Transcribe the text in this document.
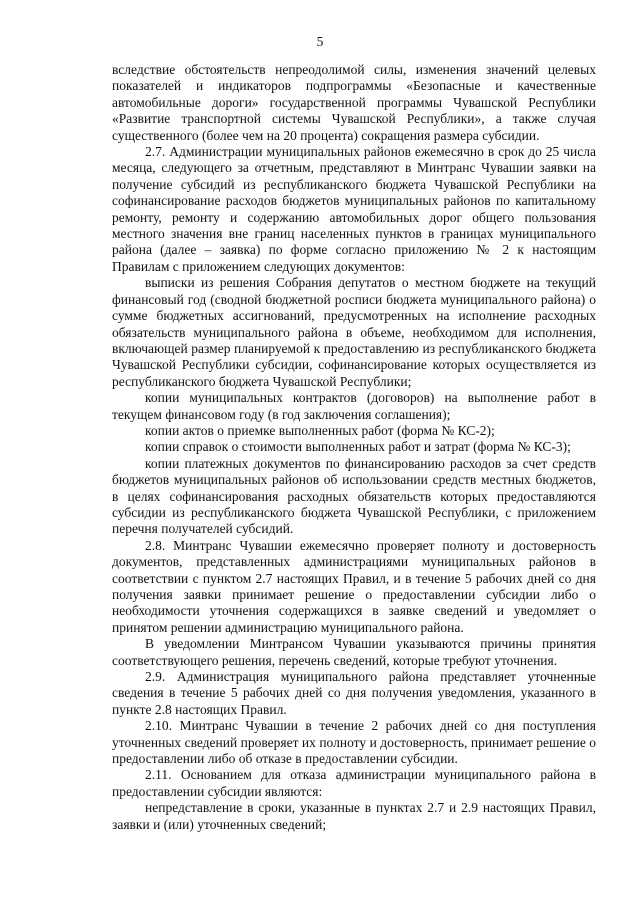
5

вследствие обстоятельств непреодолимой силы, изменения значений целевых показателей и индикаторов подпрограммы «Безопасные и качественные автомобильные дороги» государственной программы Чувашской Республики «Развитие транспортной системы Чувашской Республики», а также случая существенного (более чем на 20 процента) сокращения размера субсидии.

2.7. Администрации муниципальных районов ежемесячно в срок до 25 числа месяца, следующего за отчетным, представляют в Минтранс Чувашии заявки на получение субсидий из республиканского бюджета Чувашской Республики на софинансирование расходов бюджетов муниципальных районов по капитальному ремонту, ремонту и содержанию автомобильных дорог общего пользования местного значения вне границ населенных пунктов в границах муниципального района (далее – заявка) по форме согласно приложению № 2 к настоящим Правилам с приложением следующих документов:

выписки из решения Собрания депутатов о местном бюджете на текущий финансовый год (сводной бюджетной росписи бюджета муниципального района) о сумме бюджетных ассигнований, предусмотренных на исполнение расходных обязательств муниципального района в объеме, необходимом для исполнения, включающей размер планируемой к предоставлению из республиканского бюджета Чувашской Республики субсидии, софинансирование которых осуществляется из республиканского бюджета Чувашской Республики;

копии муниципальных контрактов (договоров) на выполнение работ в текущем финансовом году (в год заключения соглашения);

копии актов о приемке выполненных работ (форма № КС-2);

копии справок о стоимости выполненных работ и затрат (форма № КС-3);

копии платежных документов по финансированию расходов за счет средств бюджетов муниципальных районов об использовании средств местных бюджетов, в целях софинансирования расходных обязательств которых предоставляются субсидии из республиканского бюджета Чувашской Республики, с приложением перечня получателей субсидий.

2.8. Минтранс Чувашии ежемесячно проверяет полноту и достоверность документов, представленных администрациями муниципальных районов в соответствии с пунктом 2.7 настоящих Правил, и в течение 5 рабочих дней со дня получения заявки принимает решение о предоставлении субсидии либо о необходимости уточнения содержащихся в заявке сведений и уведомляет о принятом решении администрацию муниципального района.

В уведомлении Минтрансом Чувашии указываются причины принятия соответствующего решения, перечень сведений, которые требуют уточнения.

2.9. Администрация муниципального района представляет уточненные сведения в течение 5 рабочих дней со дня получения уведомления, указанного в пункте 2.8 настоящих Правил.

2.10. Минтранс Чувашии в течение 2 рабочих дней со дня поступления уточненных сведений проверяет их полноту и достоверность, принимает решение о предоставлении либо об отказе в предоставлении субсидии.

2.11. Основанием для отказа администрации муниципального района в предоставлении субсидии являются:

непредставление в сроки, указанные в пунктах 2.7 и 2.9 настоящих Правил, заявки и (или) уточненных сведений;
